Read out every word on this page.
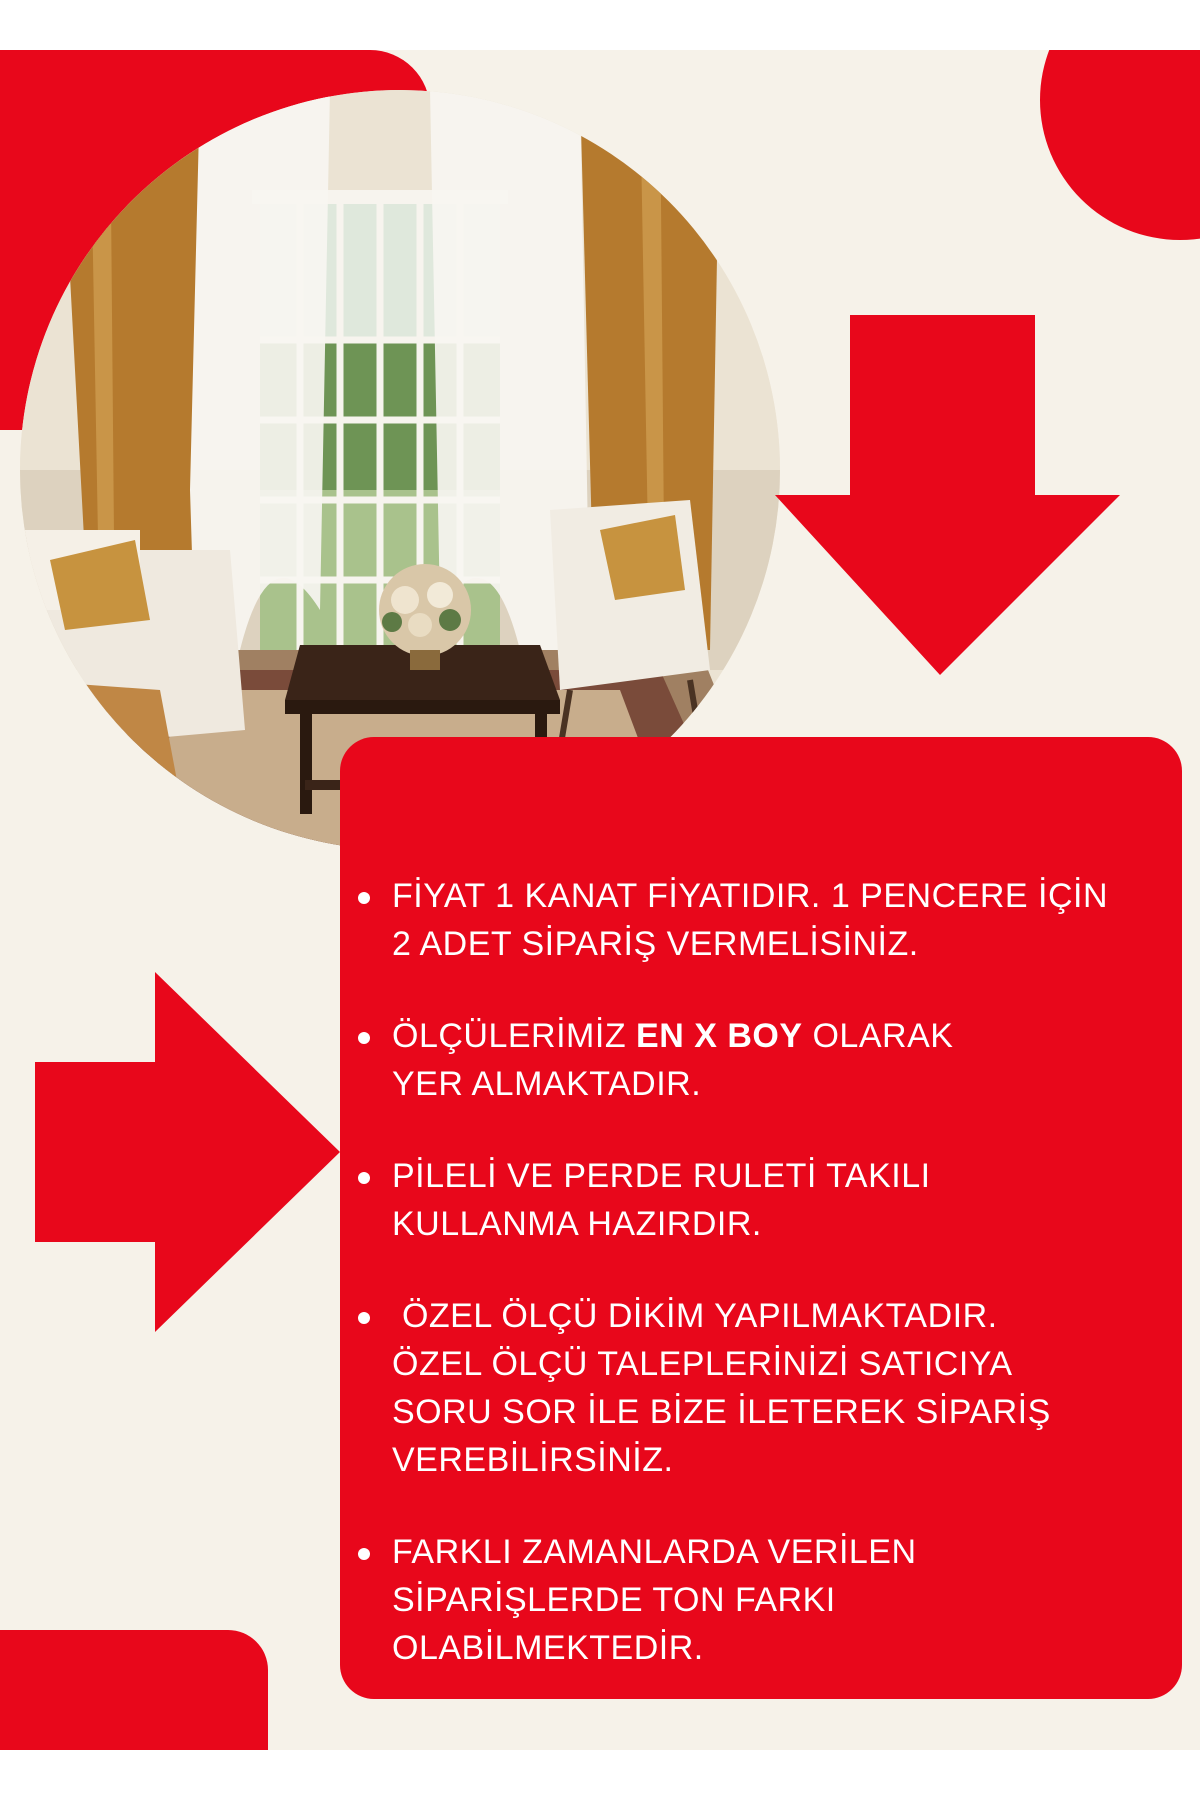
FİYAT 1 KANAT FİYATIDIR. 1 PENCERE İÇİN
2 ADET SİPARİŞ VERMELİSİNİZ.
ÖLÇÜLERİMİZ EN X BOY OLARAK
YER ALMAKTADIR.
PİLELİ VE PERDE RULETİ TAKILI
KULLANMA HAZIRDIR.
ÖZEL ÖLÇÜ DİKİM YAPILMAKTADIR.
ÖZEL ÖLÇÜ TALEPLERİNİZİ SATICIYA
SORU SOR İLE BİZE İLETEREK SİPARİŞ
VEREBİLİRSİNİZ.
FARKLI ZAMANLARDA VERİLEN
SİPARİŞLERDE TON FARKI
OLABİLMEKTEDİR.
